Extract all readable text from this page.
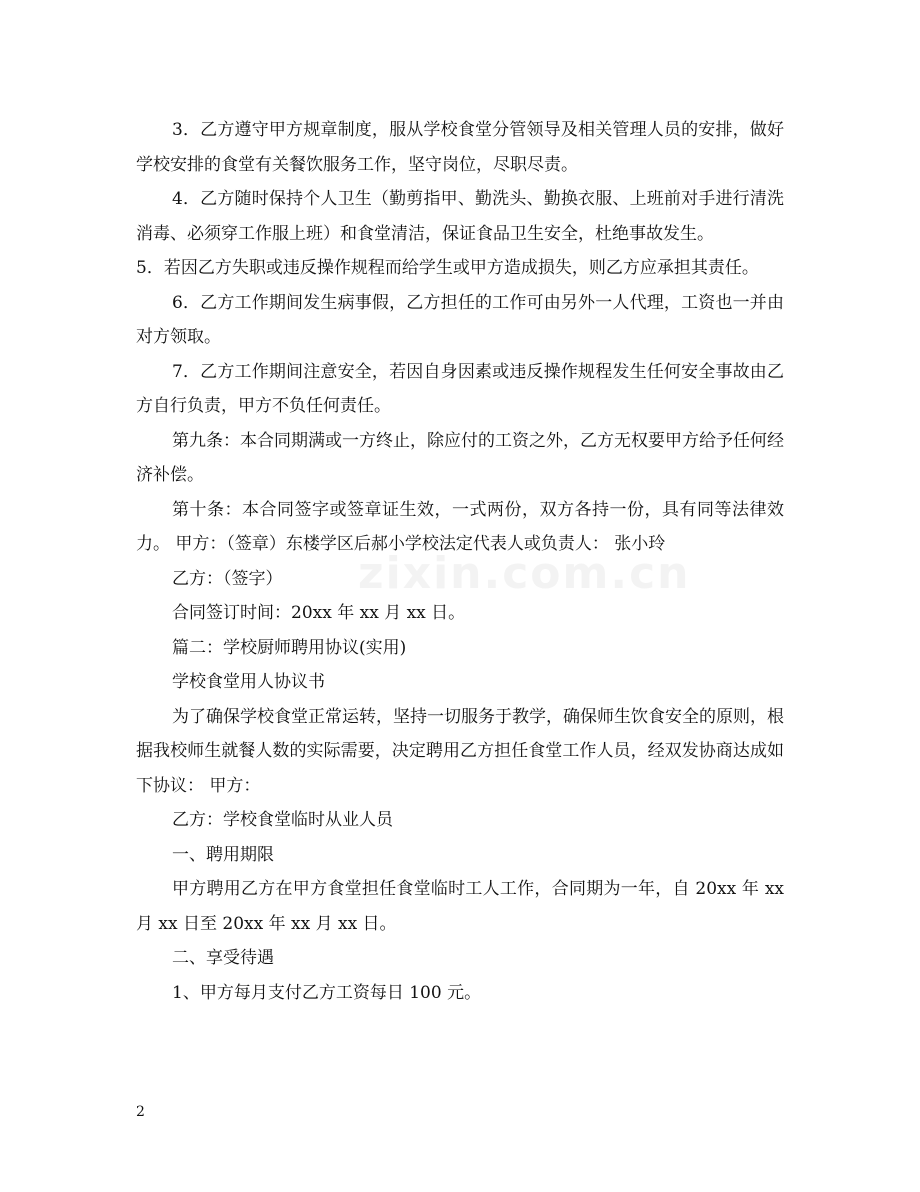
zixin.com.cn

3．乙方遵守甲方规章制度，服从学校食堂分管领导及相关管理人员的安排，做好学校安排的食堂有关餐饮服务工作，坚守岗位，尽职尽责。

4．乙方随时保持个人卫生（勤剪指甲、勤洗头、勤换衣服、上班前对手进行清洗消毒、必须穿工作服上班）和食堂清洁，保证食品卫生安全，杜绝事故发生。

5．若因乙方失职或违反操作规程而给学生或甲方造成损失，则乙方应承担其责任。

6．乙方工作期间发生病事假，乙方担任的工作可由另外一人代理，工资也一并由对方领取。

7．乙方工作期间注意安全，若因自身因素或违反操作规程发生任何安全事故由乙方自行负责，甲方不负任何责任。

第九条：本合同期满或一方终止，除应付的工资之外，乙方无权要甲方给予任何经济补偿。

第十条：本合同签字或签章证生效，一式两份，双方各持一份，具有同等法律效力。 甲方：（签章）东楼学区后郝小学校法定代表人或负责人： 张小玲

乙方：（签字）

合同签订时间：20xx 年 xx 月 xx 日。

篇二：学校厨师聘用协议(实用)

学校食堂用人协议书

为了确保学校食堂正常运转，坚持一切服务于教学，确保师生饮食安全的原则，根据我校师生就餐人数的实际需要，决定聘用乙方担任食堂工作人员，经双发协商达成如下协议： 甲方：

乙方：学校食堂临时从业人员

一、聘用期限

甲方聘用乙方在甲方食堂担任食堂临时工人工作，合同期为一年，自 20xx 年 xx 月 xx 日至 20xx 年 xx 月 xx 日。

二、享受待遇

1、甲方每月支付乙方工资每日 100 元。

2
